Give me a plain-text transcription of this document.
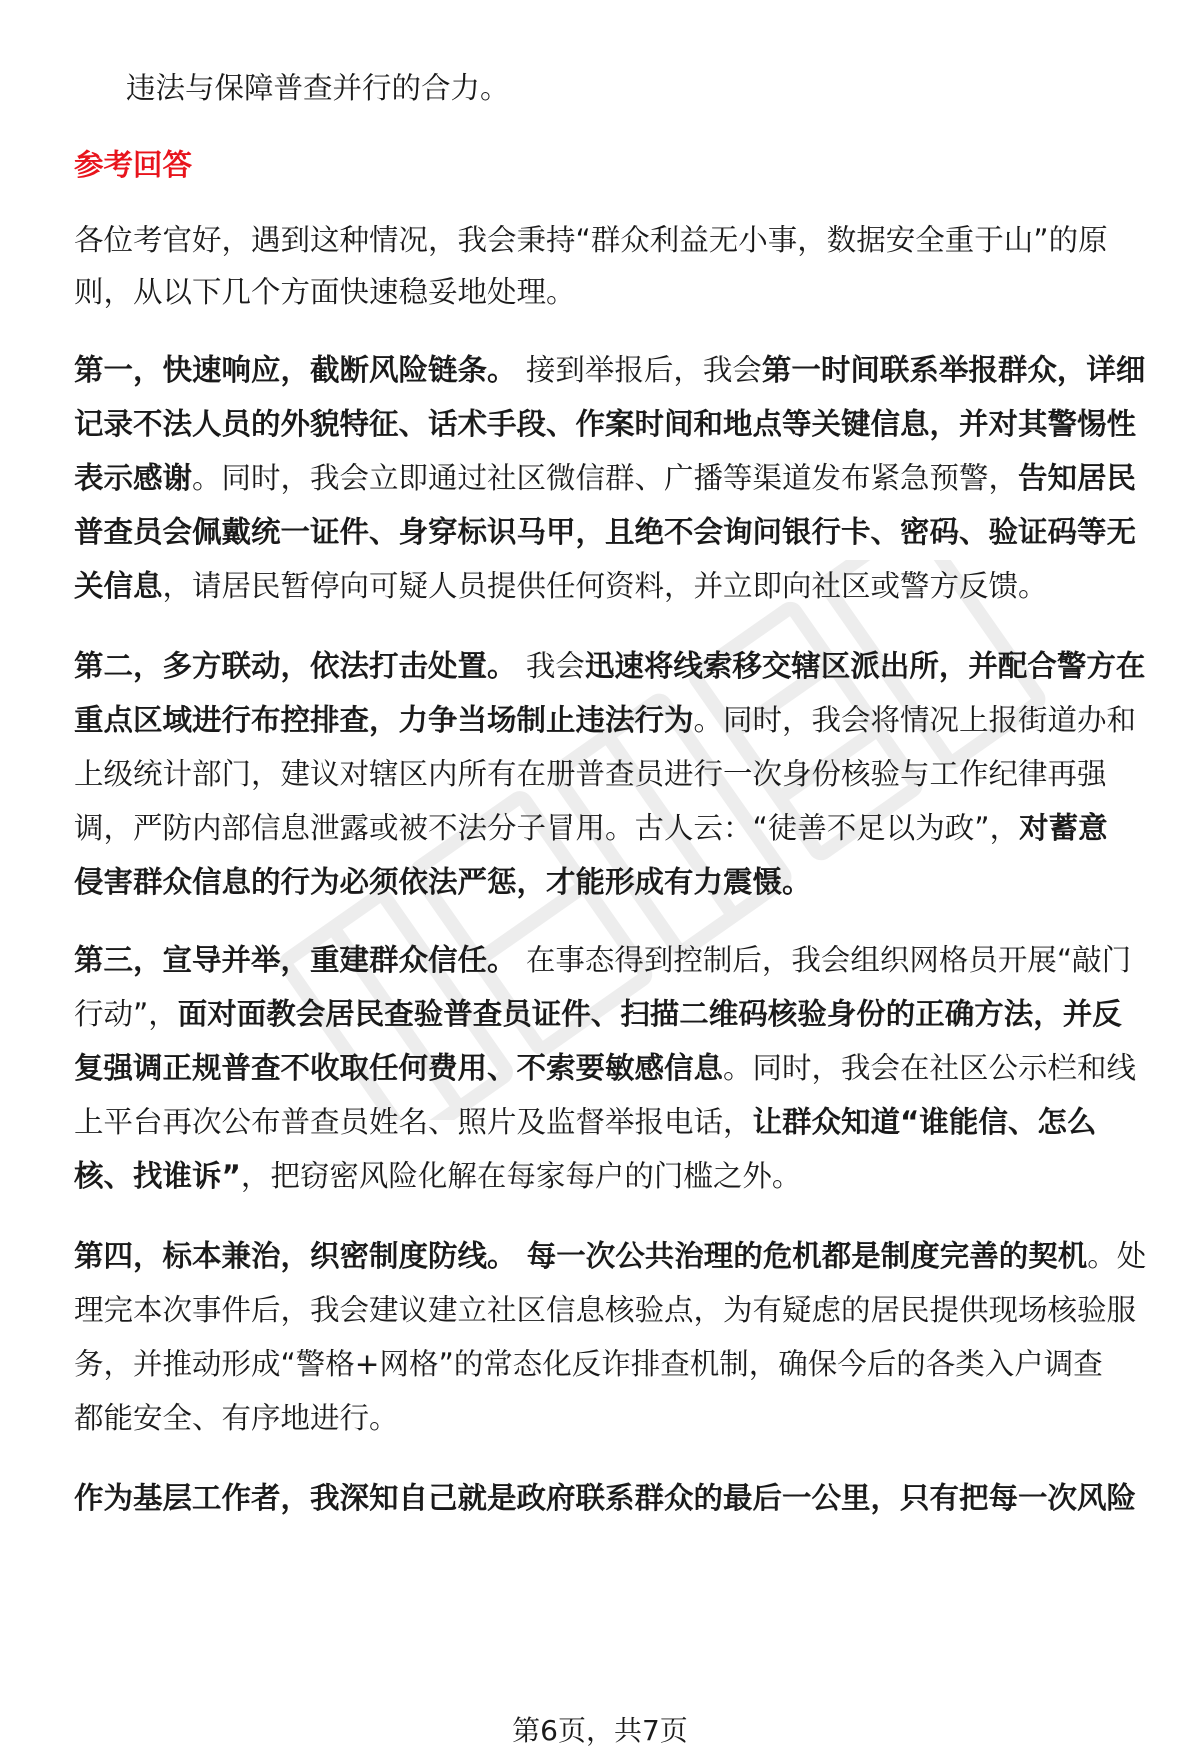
违法与保障普查并行的合力。
参考回答
各位考官好，遇到这种情况，我会秉持“群众利益无小事，数据安全重于山”的原
则，从以下几个方面快速稳妥地处理。
第一，快速响应，截断风险链条。 接到举报后，我会第一时间联系举报群众，详细
记录不法人员的外貌特征、话术手段、作案时间和地点等关键信息，并对其警惕性
表示感谢。同时，我会立即通过社区微信群、广播等渠道发布紧急预警，告知居民
普查员会佩戴统一证件、身穿标识马甲，且绝不会询问银行卡、密码、验证码等无
关信息，请居民暂停向可疑人员提供任何资料，并立即向社区或警方反馈。
第二，多方联动，依法打击处置。 我会迅速将线索移交辖区派出所，并配合警方在
重点区域进行布控排查，力争当场制止违法行为。同时，我会将情况上报街道办和
上级统计部门，建议对辖区内所有在册普查员进行一次身份核验与工作纪律再强
调，严防内部信息泄露或被不法分子冒用。古人云：“徒善不足以为政”，对蓄意
侵害群众信息的行为必须依法严惩，才能形成有力震慑。
第三，宣导并举，重建群众信任。 在事态得到控制后，我会组织网格员开展“敲门
行动”，面对面教会居民查验普查员证件、扫描二维码核验身份的正确方法，并反
复强调正规普查不收取任何费用、不索要敏感信息。同时，我会在社区公示栏和线
上平台再次公布普查员姓名、照片及监督举报电话，让群众知道“谁能信、怎么
核、找谁诉”，把窃密风险化解在每家每户的门槛之外。
第四，标本兼治，织密制度防线。 每一次公共治理的危机都是制度完善的契机。处
理完本次事件后，我会建议建立社区信息核验点，为有疑虑的居民提供现场核验服
务，并推动形成“警格+网格”的常态化反诈排查机制，确保今后的各类入户调查
都能安全、有序地进行。
作为基层工作者，我深知自己就是政府联系群众的最后一公里，只有把每一次风险
第6页，共7页
